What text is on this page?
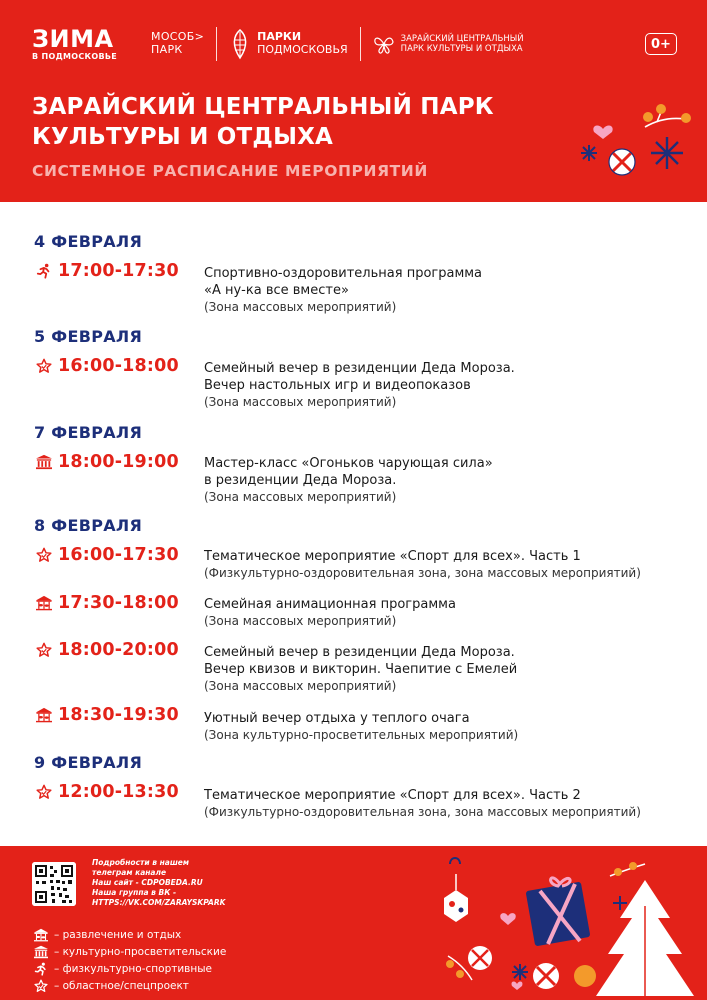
ЗИМА
В ПОДМОСКОВЬЕ
МОСОБ>
ПАРК
ПАРКИ
ПОДМОСКОВЬЯ
ЗАРАЙСКИЙ ЦЕНТРАЛЬНЫЙ
ПАРК КУЛЬТУРЫ И ОТДЫХА	0+
ЗАРАЙСКИЙ ЦЕНТРАЛЬНЫЙ ПАРК
КУЛЬТУРЫ И ОТДЫХА
СИСТЕМНОЕ РАСПИСАНИЕ МЕРОПРИЯТИЙ
4 ФЕВРАЛЯ
17:00-17:30 Спортивно-оздоровительная программа
«А ну-ка все вместе»
(Зона массовых мероприятий)
5 ФЕВРАЛЯ
16:00-18:00 Семейный вечер в резиденции Деда Мороза.
Вечер настольных игр и видеопоказов
(Зона массовых мероприятий)
7 ФЕВРАЛЯ
18:00-19:00 Мастер-класс «Огоньков чарующая сила»
в резиденции Деда Мороза.
(Зона массовых мероприятий)
8 ФЕВРАЛЯ
16:00-17:30 Тематическое мероприятие «Спорт для всех». Часть 1
(Физкультурно-оздоровительная зона, зона массовых мероприятий)
17:30-18:00 Семейная анимационная программа
(Зона массовых мероприятий)
18:00-20:00 Семейный вечер в резиденции Деда Мороза.
Вечер квизов и викторин. Чаепитие с Емелей
(Зона массовых мероприятий)
18:30-19:30 Уютный вечер отдыха у теплого очага
(Зона культурно-просветительных мероприятий)
9 ФЕВРАЛЯ
12:00-13:30 Тематическое мероприятие «Спорт для всех». Часть 2
(Физкультурно-оздоровительная зона, зона массовых мероприятий)
Подробности в нашем
телеграм канале
Наш сайт - CDPOBEDA.RU
Наша группа в ВК -
HTTPS://VK.COM/ZARAYSKPARK
– развлечение и отдых
– культурно-просветительские
– физкультурно-спортивные
– областное/спецпроект
